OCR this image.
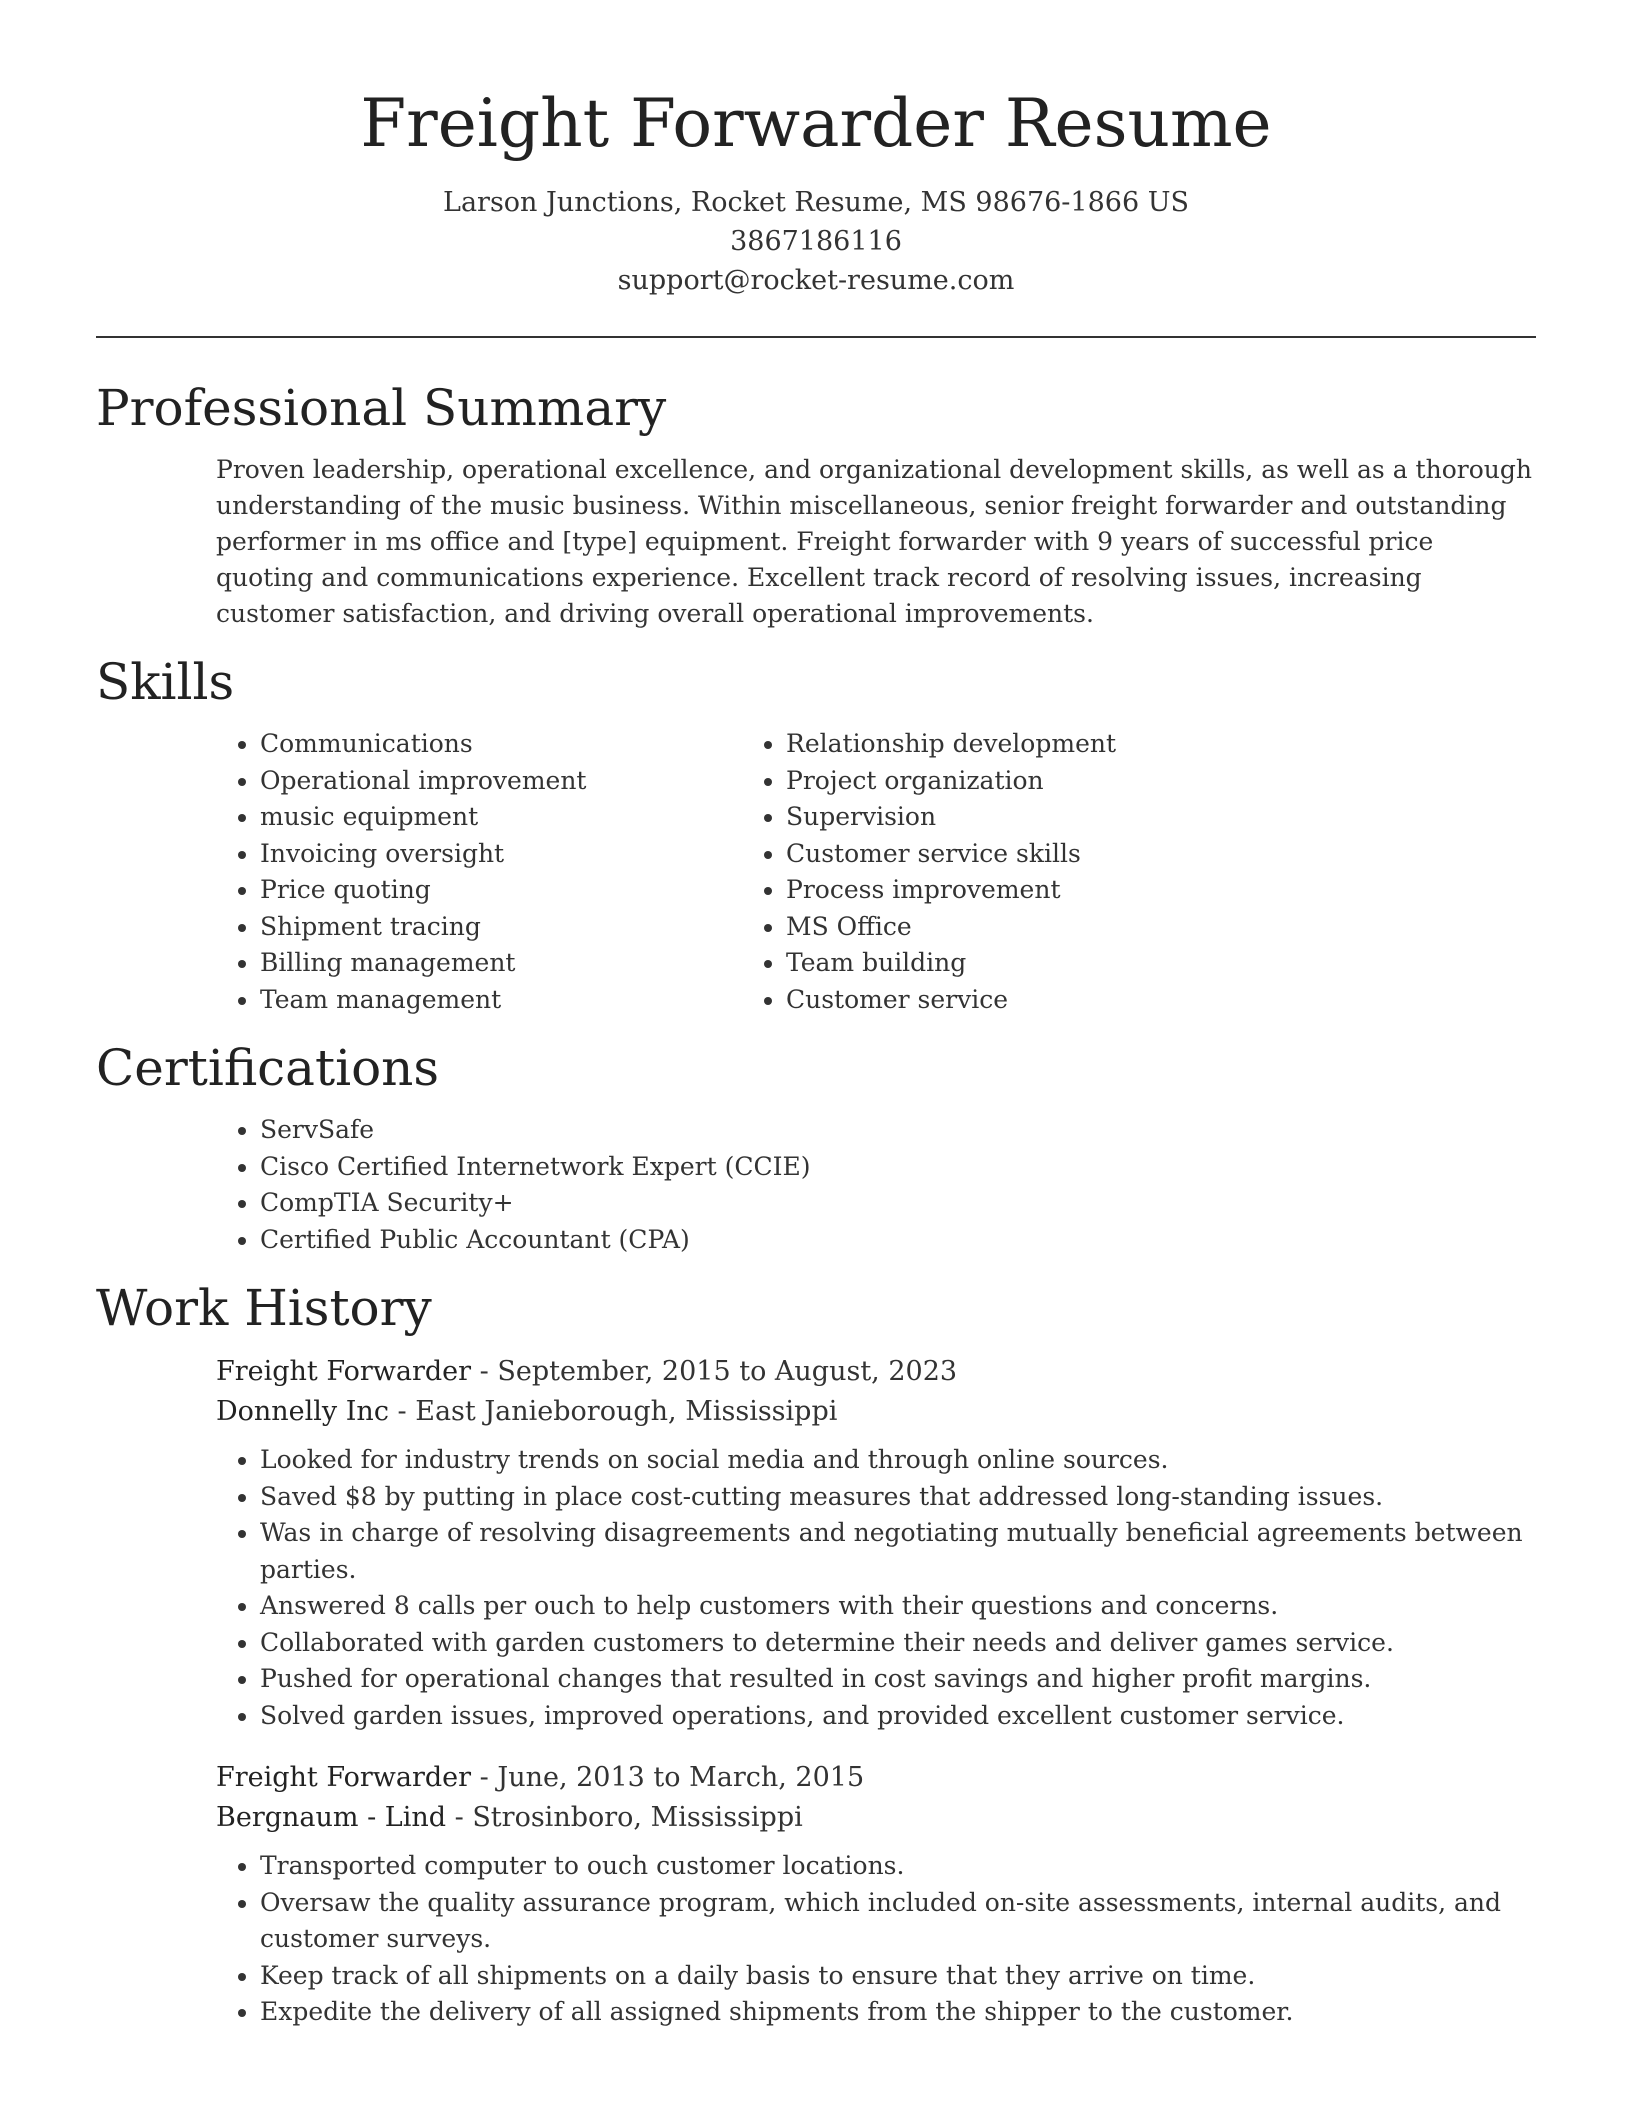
Freight Forwarder Resume
Larson Junctions, Rocket Resume, MS 98676-1866 US
3867186116
support@rocket-resume.com
Professional Summary

Proven leadership, operational excellence, and organizational development skills, as well as a thorough understanding of the music business. Within miscellaneous, senior freight forwarder and outstanding performer in ms office and [type] equipment. Freight forwarder with 9 years of successful price quoting and communications experience. Excellent track record of resolving issues, increasing customer satisfaction, and driving overall operational improvements.

Skills
• Communications
• Operational improvement
• music equipment
• Invoicing oversight
• Price quoting
• Shipment tracing
• Billing management
• Team management
• Relationship development
• Project organization
• Supervision
• Customer service skills
• Process improvement
• MS Office
• Team building
• Customer service
Certifications
• ServSafe
• Cisco Certified Internetwork Expert (CCIE)
• CompTIA Security+
• Certified Public Accountant (CPA)
Work History
Freight Forwarder - September, 2015 to August, 2023
Donnelly Inc - East Janieborough, Mississippi
• Looked for industry trends on social media and through online sources.
• Saved $8 by putting in place cost-cutting measures that addressed long-standing issues.
• Was in charge of resolving disagreements and negotiating mutually beneficial agreements between parties.
• Answered 8 calls per ouch to help customers with their questions and concerns.
• Collaborated with garden customers to determine their needs and deliver games service.
• Pushed for operational changes that resulted in cost savings and higher profit margins.
• Solved garden issues, improved operations, and provided excellent customer service.
Freight Forwarder - June, 2013 to March, 2015
Bergnaum - Lind - Strosinboro, Mississippi
• Transported computer to ouch customer locations.
• Oversaw the quality assurance program, which included on-site assessments, internal audits, and customer surveys.
• Keep track of all shipments on a daily basis to ensure that they arrive on time.
• Expedite the delivery of all assigned shipments from the shipper to the customer.
